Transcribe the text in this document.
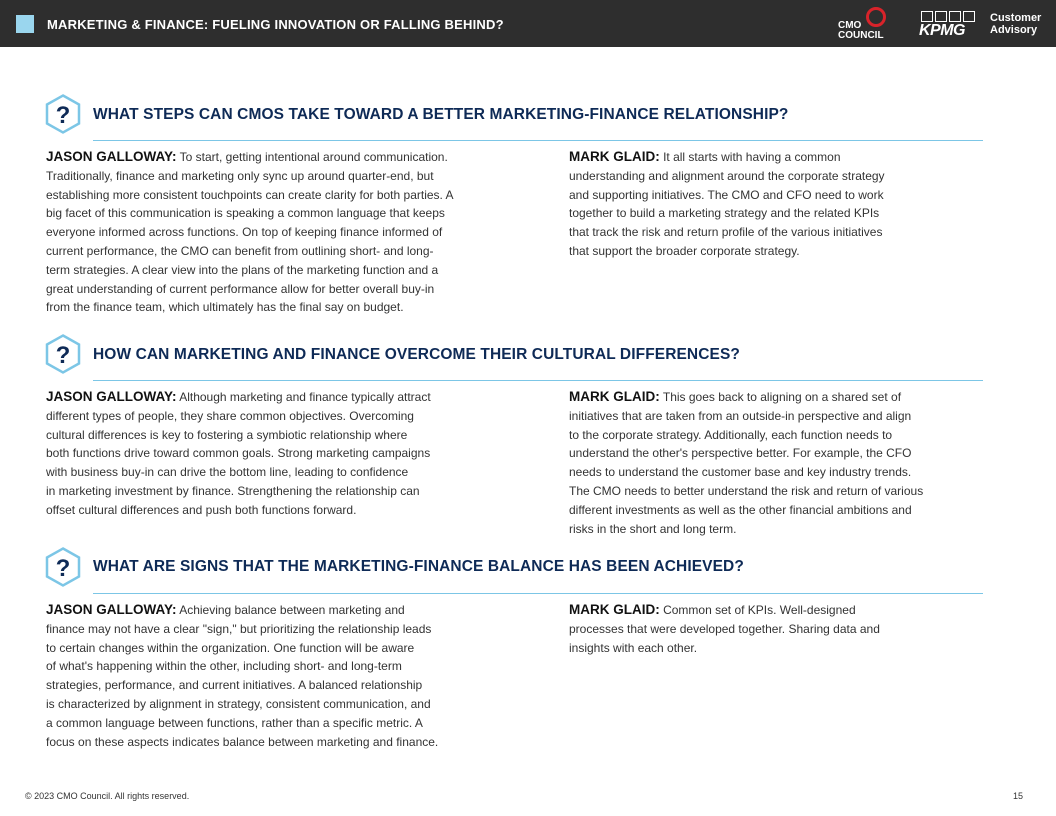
MARKETING & FINANCE: FUELING INNOVATION OR FALLING BEHIND?	CMO
COUNCIL KPMG
Customer
Advisory
? WHAT STEPS CAN CMOS TAKE TOWARD A BETTER MARKETING-FINANCE RELATIONSHIP?
JASON GALLOWAY: To start, getting intentional around communication.
Traditionally, finance and marketing only sync up around quarter-end, but
establishing more consistent touchpoints can create clarity for both parties. A
big facet of this communication is speaking a common language that keeps
everyone informed across functions. On top of keeping finance informed of
current performance, the CMO can benefit from outlining short- and long-
term strategies. A clear view into the plans of the marketing function and a
great understanding of current performance allow for better overall buy-in
from the finance team, which ultimately has the final say on budget.
MARK GLAID: It all starts with having a common
understanding and alignment around the corporate strategy
and supporting initiatives. The CMO and CFO need to work
together to build a marketing strategy and the related KPIs
that track the risk and return profile of the various initiatives
that support the broader corporate strategy.
? HOW CAN MARKETING AND FINANCE OVERCOME THEIR CULTURAL DIFFERENCES?
JASON GALLOWAY: Although marketing and finance typically attract
different types of people, they share common objectives. Overcoming
cultural differences is key to fostering a symbiotic relationship where
both functions drive toward common goals. Strong marketing campaigns
with business buy-in can drive the bottom line, leading to confidence
in marketing investment by finance. Strengthening the relationship can
offset cultural differences and push both functions forward.
MARK GLAID: This goes back to aligning on a shared set of
initiatives that are taken from an outside-in perspective and align
to the corporate strategy. Additionally, each function needs to
understand the other's perspective better. For example, the CFO
needs to understand the customer base and key industry trends.
The CMO needs to better understand the risk and return of various
different investments as well as the other financial ambitions and
risks in the short and long term.
? WHAT ARE SIGNS THAT THE MARKETING-FINANCE BALANCE HAS BEEN ACHIEVED?
JASON GALLOWAY: Achieving balance between marketing and
finance may not have a clear "sign," but prioritizing the relationship leads
to certain changes within the organization. One function will be aware
of what's happening within the other, including short- and long-term
strategies, performance, and current initiatives. A balanced relationship
is characterized by alignment in strategy, consistent communication, and
a common language between functions, rather than a specific metric. A
focus on these aspects indicates balance between marketing and finance.
MARK GLAID: Common set of KPIs. Well-designed
processes that were developed together. Sharing data and
insights with each other.
© 2023 CMO Council. All rights reserved.	15
